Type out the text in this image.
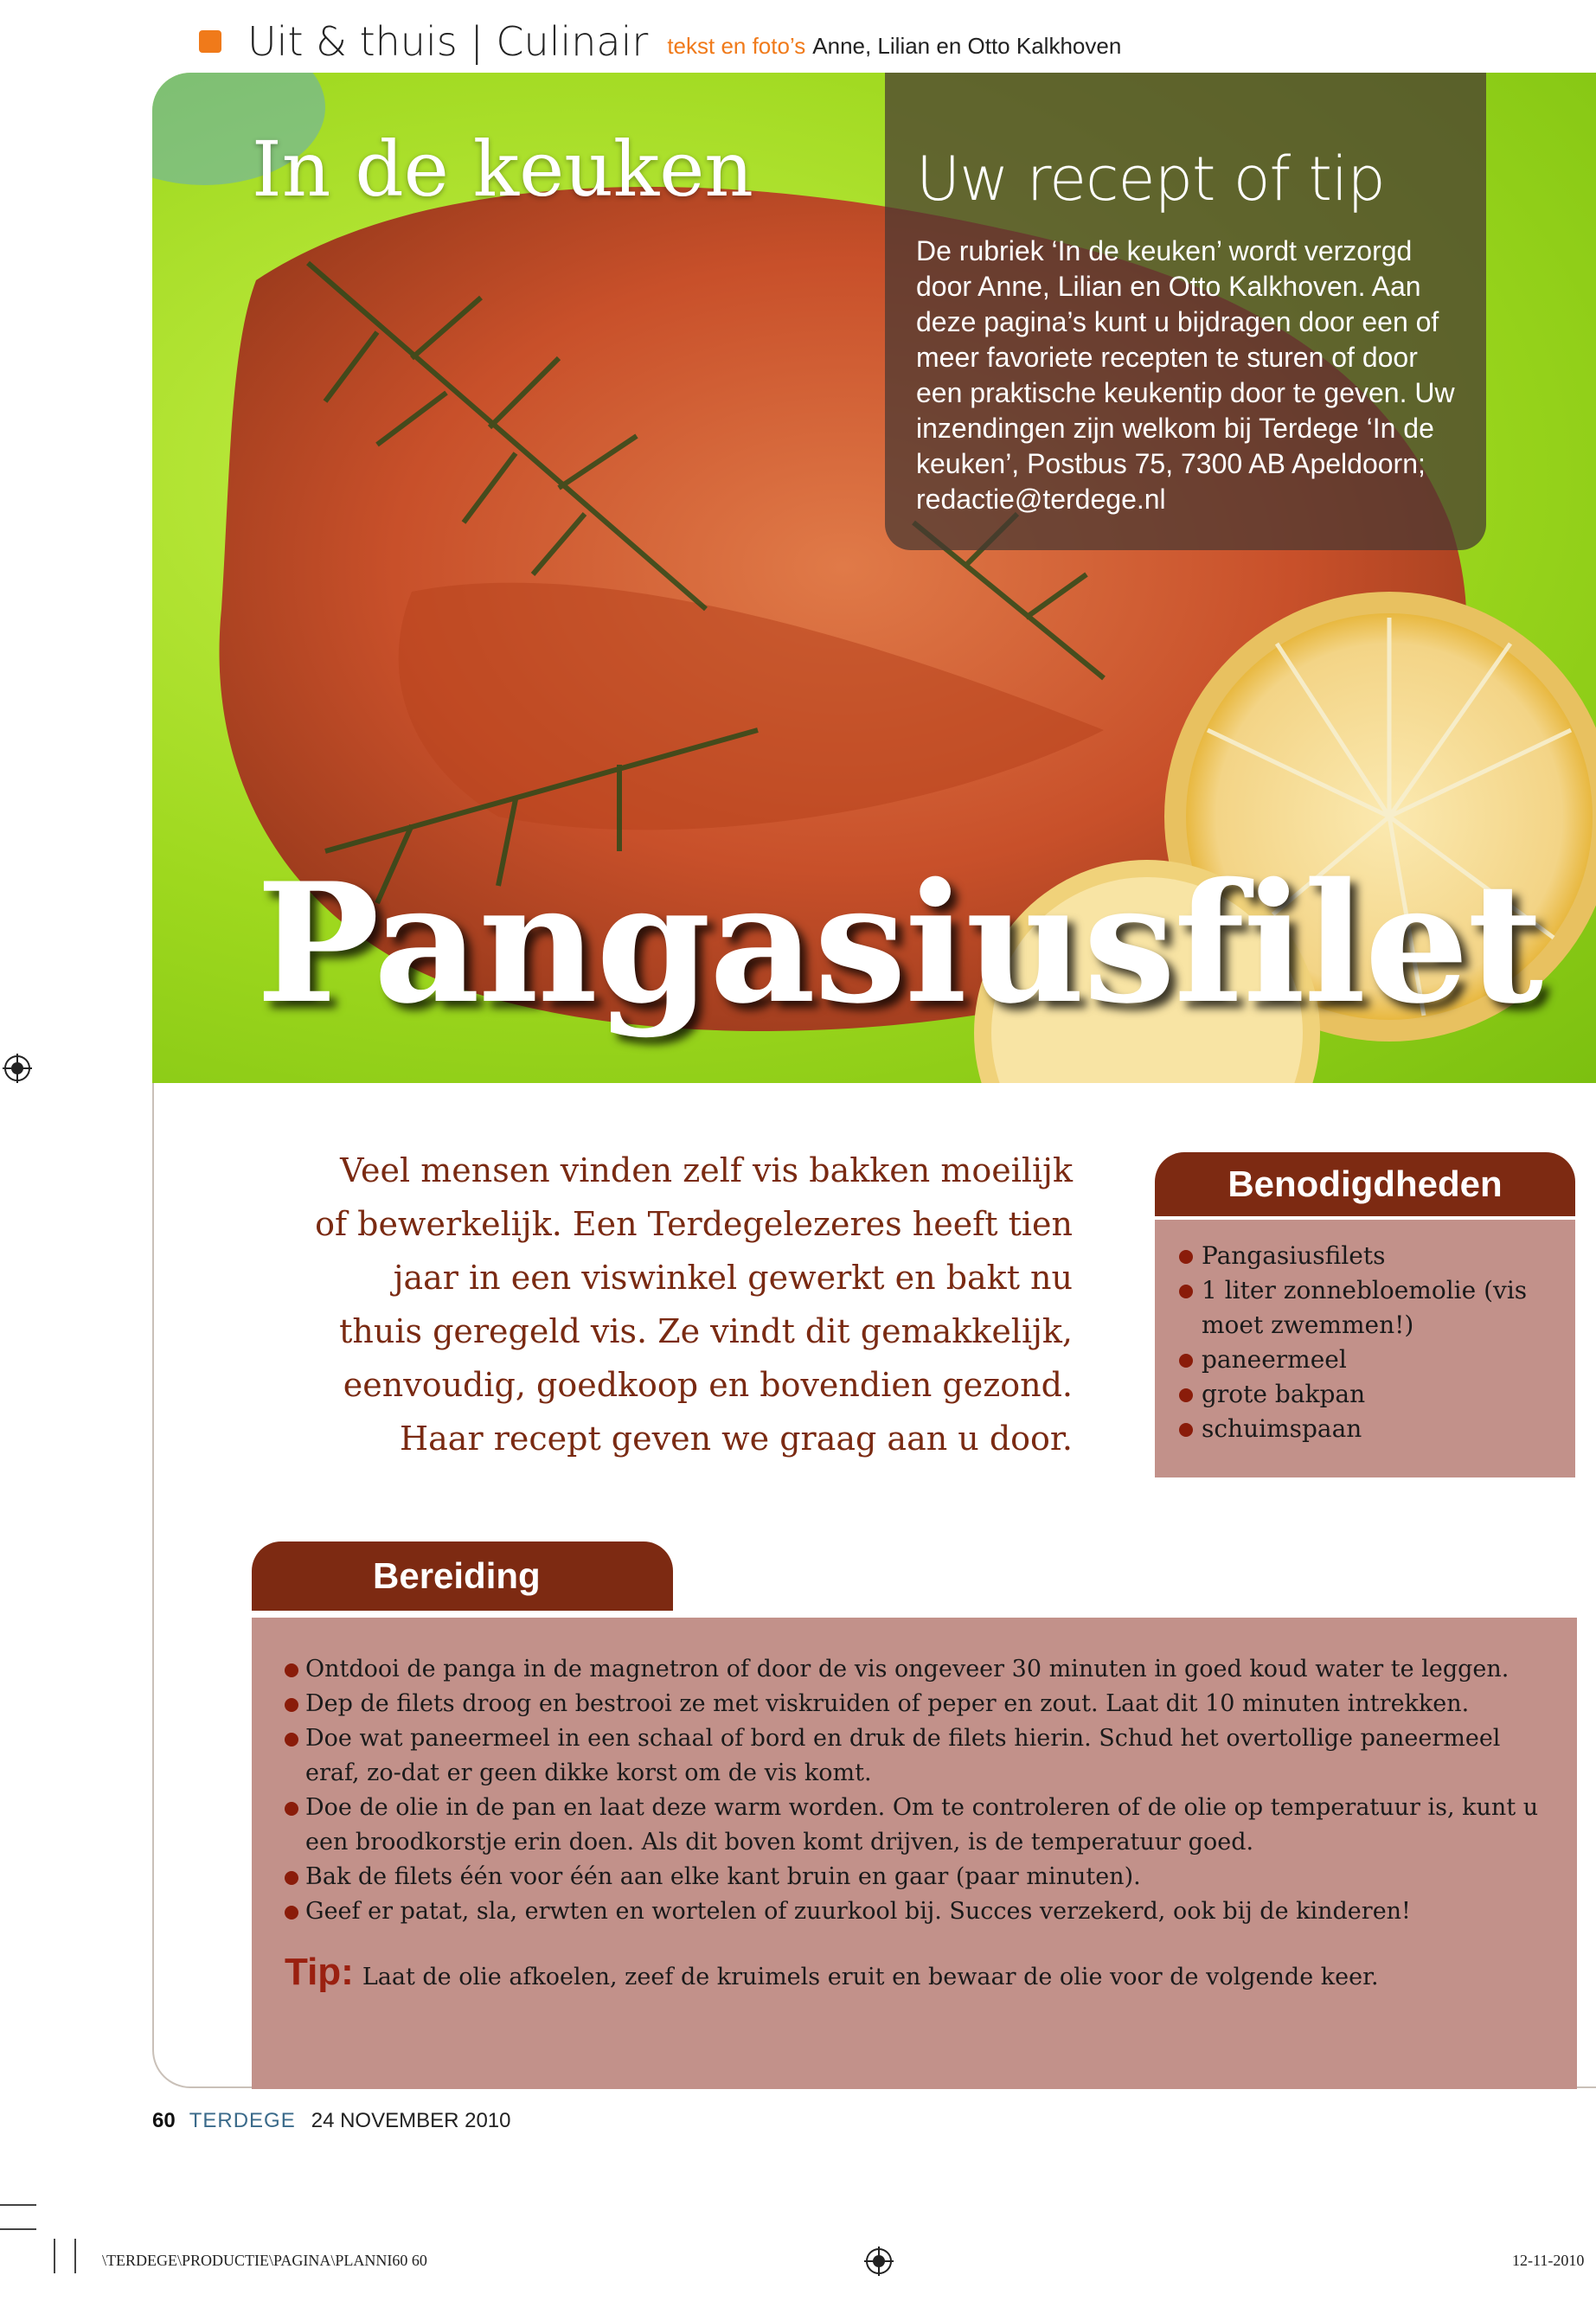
Uit & thuis | Culinair tekst en foto’s Anne, Lilian en Otto Kalkhoven
In de keuken
Pangasiusfilet
Uw recept of tip
De rubriek ‘In de keuken’ wordt verzorgd door Anne, Lilian en Otto Kalkhoven. Aan deze pagina’s kunt u bijdragen door een of meer favoriete recepten te sturen of door een praktische keukentip door te geven. Uw inzendingen zijn welkom bij Terdege ‘In de keuken’, Postbus 75, 7300 AB Apeldoorn; redactie@terdege.nl
Veel mensen vinden zelf vis bakken moeilijk of bewerkelijk. Een Terdegelezeres heeft tien jaar in een viswinkel gewerkt en bakt nu thuis geregeld vis. Ze vindt dit gemakkelijk, eenvoudig, goedkoop en bovendien gezond. Haar recept geven we graag aan u door.
Benodigdheden
Pangasiusfilets
1 liter zonnebloemolie (vis moet zwemmen!)
paneermeel
grote bakpan
schuimspaan
Bereiding
Ontdooi de panga in de magnetron of door de vis ongeveer 30 minuten in goed koud water te leggen.
Dep de filets droog en bestrooi ze met viskruiden of peper en zout. Laat dit 10 minuten intrekken.
Doe wat paneermeel in een schaal of bord en druk de filets hierin. Schud het overtollige paneermeel eraf, zo-dat er geen dikke korst om de vis komt.
Doe de olie in de pan en laat deze warm worden. Om te controleren of de olie op temperatuur is, kunt u een broodkorstje erin doen. Als dit boven komt drijven, is de temperatuur goed.
Bak de filets één voor één aan elke kant bruin en gaar (paar minuten).
Geef er patat, sla, erwten en wortelen of zuurkool bij. Succes verzekerd, ook bij de kinderen!
Tip: Laat de olie afkoelen, zeef de kruimels eruit en bewaar de olie voor de volgende keer.
60 TERDEGE 24 NOVEMBER 2010
\TERDEGE\PRODUCTIE\PAGINA\PLANNI60 60	12-11-2010
